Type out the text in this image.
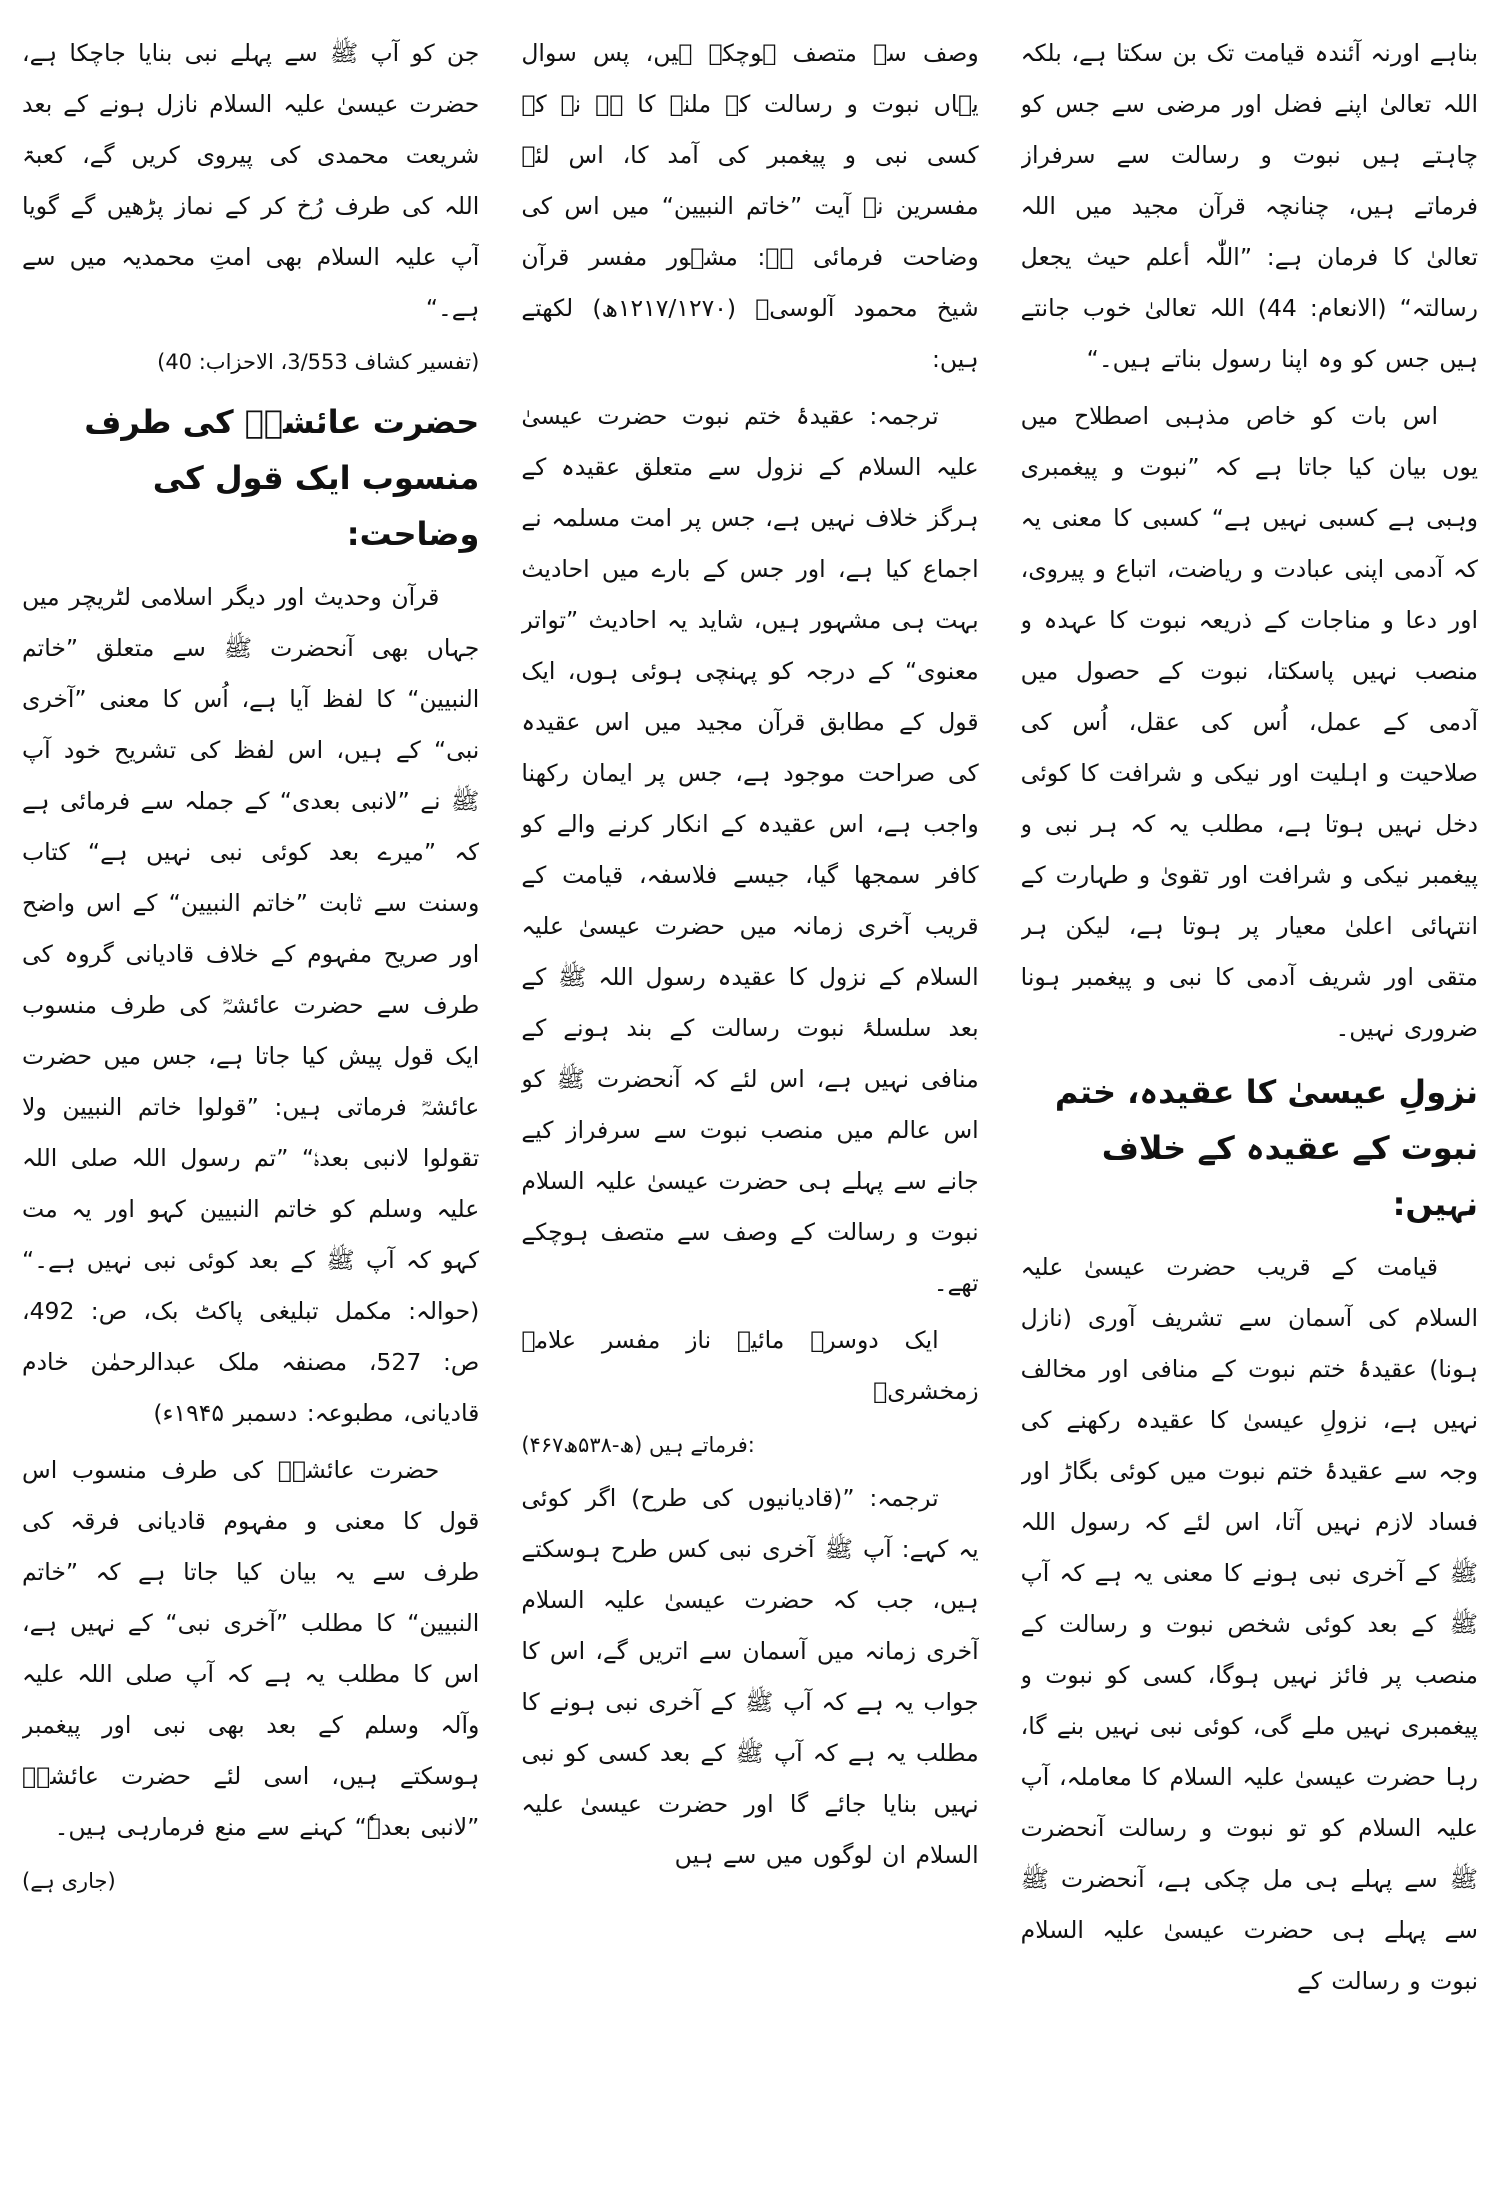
بناہے اورنہ آئندہ قیامت تک بن سکتا ہے، بلکہ اللہ تعالیٰ اپنے فضل اور مرضی سے جس کو چاہتے ہیں نبوت و رسالت سے سرفراز فرماتے ہیں، چنانچہ قرآن مجید میں اللہ تعالیٰ کا فرمان ہے: ”اللّٰہ أعلم حیث یجعل رسالتہ“ (الانعام: 44) اللہ تعالیٰ خوب جانتے ہیں جس کو وہ اپنا رسول بناتے ہیں۔“

اس بات کو خاص مذہبی اصطلاح میں یوں بیان کیا جاتا ہے کہ ”نبوت و پیغمبری وہبی ہے کسبی نہیں ہے“ کسبی کا معنی یہ کہ آدمی اپنی عبادت و ریاضت، اتباع و پیروی، اور دعا و مناجات کے ذریعہ نبوت کا عہدہ و منصب نہیں پاسکتا، نبوت کے حصول میں آدمی کے عمل، اُس کی عقل، اُس کی صلاحیت و اہلیت اور نیکی و شرافت کا کوئی دخل نہیں ہوتا ہے، مطلب یہ کہ ہر نبی و پیغمبر نیکی و شرافت اور تقویٰ و طہارت کے انتہائی اعلیٰ معیار پر ہوتا ہے، لیکن ہر متقی اور شریف آدمی کا نبی و پیغمبر ہونا ضروری نہیں۔

نزولِ عیسیٰ کا عقیدہ، ختم نبوت کے عقیدہ کے خلاف نہیں:

قیامت کے قریب حضرت عیسیٰ علیہ السلام کی آسمان سے تشریف آوری (نازل ہونا) عقیدۂ ختم نبوت کے منافی اور مخالف نہیں ہے، نزولِ عیسیٰ کا عقیدہ رکھنے کی وجہ سے عقیدۂ ختم نبوت میں کوئی بگاڑ اور فساد لازم نہیں آتا، اس لئے کہ رسول اللہ ﷺ کے آخری نبی ہونے کا معنی یہ ہے کہ آپ ﷺ کے بعد کوئی شخص نبوت و رسالت کے منصب پر فائز نہیں ہوگا، کسی کو نبوت و پیغمبری نہیں ملے گی، کوئی نبی نہیں بنے گا، رہا حضرت عیسیٰ علیہ السلام کا معاملہ، آپ علیہ السلام کو تو نبوت و رسالت آنحضرت ﷺ سے پہلے ہی مل چکی ہے، آنحضرت ﷺ سے پہلے ہی حضرت عیسیٰ علیہ السلام نبوت و رسالت کے

وصف سے متصف ہوچکے ہیں، پس سوال یہاں نبوت و رسالت کے ملنے کا ہے نہ کہ کسی نبی و پیغمبر کی آمد کا، اس لئے مفسرین نے آیت ”خاتم النبیین“ میں اس کی وضاحت فرمائی ہے: مشہور مفسر قرآن شیخ محمود آلوسیؒ (۱۲۱۷/۱۲۷۰ھ) لکھتے ہیں:

ترجمہ: عقیدۂ ختم نبوت حضرت عیسیٰ علیہ السلام کے نزول سے متعلق عقیدہ کے ہرگز خلاف نہیں ہے، جس پر امت مسلمہ نے اجماع کیا ہے، اور جس کے بارے میں احادیث بہت ہی مشہور ہیں، شاید یہ احادیث ”تواتر معنوی“ کے درجہ کو پہنچی ہوئی ہوں، ایک قول کے مطابق قرآن مجید میں اس عقیدہ کی صراحت موجود ہے، جس پر ایمان رکھنا واجب ہے، اس عقیدہ کے انکار کرنے والے کو کافر سمجھا گیا، جیسے فلاسفہ، قیامت کے قریب آخری زمانہ میں حضرت عیسیٰ علیہ السلام کے نزول کا عقیدہ رسول اللہ ﷺ کے بعد سلسلۂ نبوت رسالت کے بند ہونے کے منافی نہیں ہے، اس لئے کہ آنحضرت ﷺ کو اس عالم میں منصب نبوت سے سرفراز کیے جانے سے پہلے ہی حضرت عیسیٰ علیہ السلام نبوت و رسالت کے وصف سے متصف ہوچکے تھے۔

ایک دوسرے مائیہ ناز مفسر علامہ زمخشریؒ

(۴۶۷ھ-۵۳۸ھ) فرماتے ہیں:

ترجمہ: ”(قادیانیوں کی طرح) اگر کوئی یہ کہے: آپ ﷺ آخری نبی کس طرح ہوسکتے ہیں، جب کہ حضرت عیسیٰ علیہ السلام آخری زمانہ میں آسمان سے اتریں گے، اس کا جواب یہ ہے کہ آپ ﷺ کے آخری نبی ہونے کا مطلب یہ ہے کہ آپ ﷺ کے بعد کسی کو نبی نہیں بنایا جائے گا اور حضرت عیسیٰ علیہ السلام ان لوگوں میں سے ہیں

جن کو آپ ﷺ سے پہلے نبی بنایا جاچکا ہے، حضرت عیسیٰ علیہ السلام نازل ہونے کے بعد شریعت محمدی کی پیروی کریں گے، کعبۃ اللہ کی طرف رُخ کر کے نماز پڑھیں گے گویا آپ علیہ السلام بھی امتِ محمدیہ میں سے ہے۔“

(تفسیر کشاف 3/553، الاحزاب: 40)

حضرت عائشہؓ کی طرف منسوب ایک قول کی وضاحت:

قرآن وحدیث اور دیگر اسلامی لٹریچر میں جہاں بھی آنحضرت ﷺ سے متعلق ”خاتم النبیین“ کا لفظ آیا ہے، اُس کا معنی ”آخری نبی“ کے ہیں، اس لفظ کی تشریح خود آپ ﷺ نے ”لانبی بعدی“ کے جملہ سے فرمائی ہے کہ ”میرے بعد کوئی نبی نہیں ہے“ کتاب وسنت سے ثابت ”خاتم النبیین“ کے اس واضح اور صریح مفہوم کے خلاف قادیانی گروہ کی طرف سے حضرت عائشہؓ کی طرف منسوب ایک قول پیش کیا جاتا ہے، جس میں حضرت عائشہؓ فرماتی ہیں: ”قولوا خاتم النبیین ولا تقولوا لانبی بعدہٗ“ ”تم رسول اللہ صلی اللہ علیہ وسلم کو خاتم النبیین کہو اور یہ مت کہو کہ آپ ﷺ کے بعد کوئی نبی نہیں ہے۔“ (حوالہ: مکمل تبلیغی پاکٹ بک، ص: 492، ص: 527، مصنفہ ملک عبدالرحمٰن خادم قادیانی، مطبوعہ: دسمبر ۱۹۴۵ء)

حضرت عائشہؓ کی طرف منسوب اس قول کا معنی و مفہوم قادیانی فرقہ کی طرف سے یہ بیان کیا جاتا ہے کہ ”خاتم النبیین“ کا مطلب ”آخری نبی“ کے نہیں ہے، اس کا مطلب یہ ہے کہ آپ صلی اللہ علیہ وآلہ وسلم کے بعد بھی نبی اور پیغمبر ہوسکتے ہیں، اسی لئے حضرت عائشہؓ ”لانبی بعدہٗ“ کہنے سے منع فرمارہی ہیں۔

(جاری ہے)
